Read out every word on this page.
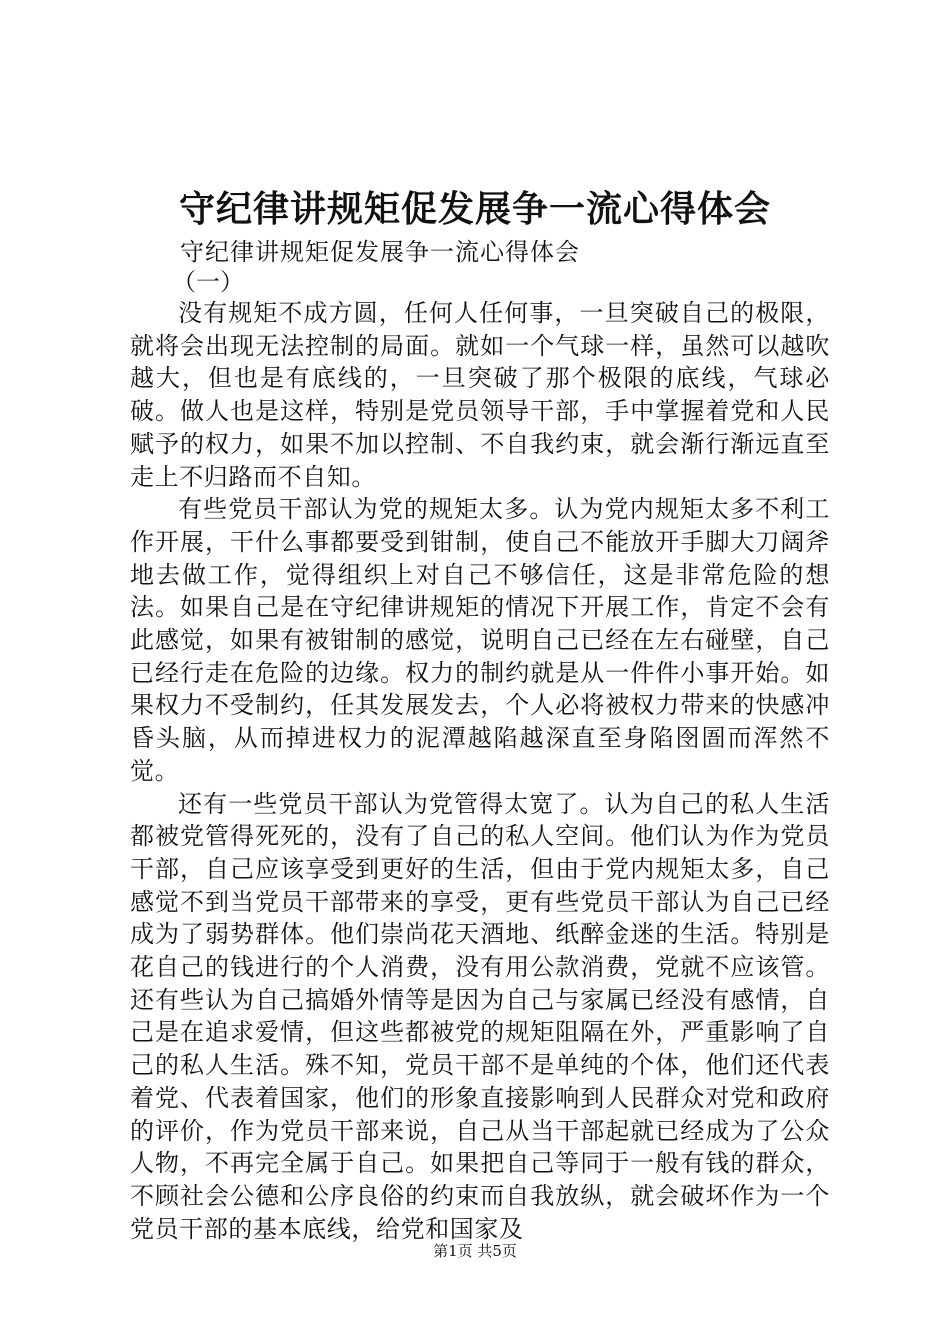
守纪律讲规矩促发展争一流心得体会

守纪律讲规矩促发展争一流心得体会

（一）

没有规矩不成方圆，任何人任何事，一旦突破自己的极限，就将会出现无法控制的局面。就如一个气球一样，虽然可以越吹越大，但也是有底线的，一旦突破了那个极限的底线，气球必破。做人也是这样，特别是党员领导干部，手中掌握着党和人民赋予的权力，如果不加以控制、不自我约束，就会渐行渐远直至走上不归路而不自知。

有些党员干部认为党的规矩太多。认为党内规矩太多不利工作开展，干什么事都要受到钳制，使自己不能放开手脚大刀阔斧地去做工作，觉得组织上对自己不够信任，这是非常危险的想法。如果自己是在守纪律讲规矩的情况下开展工作，肯定不会有此感觉，如果有被钳制的感觉，说明自己已经在左右碰壁，自己已经行走在危险的边缘。权力的制约就是从一件件小事开始。如果权力不受制约，任其发展发去，个人必将被权力带来的快感冲昏头脑，从而掉进权力的泥潭越陷越深直至身陷囹圄而浑然不觉。

还有一些党员干部认为党管得太宽了。认为自己的私人生活都被党管得死死的，没有了自己的私人空间。他们认为作为党员干部，自己应该享受到更好的生活，但由于党内规矩太多，自己感觉不到当党员干部带来的享受，更有些党员干部认为自己已经成为了弱势群体。他们崇尚花天酒地、纸醉金迷的生活。特别是花自己的钱进行的个人消费，没有用公款消费，党就不应该管。还有些认为自己搞婚外情等是因为自己与家属已经没有感情，自己是在追求爱情，但这些都被党的规矩阻隔在外，严重影响了自己的私人生活。殊不知，党员干部不是单纯的个体，他们还代表着党、代表着国家，他们的形象直接影响到人民群众对党和政府的评价，作为党员干部来说，自己从当干部起就已经成为了公众人物，不再完全属于自己。如果把自己等同于一般有钱的群众，不顾社会公德和公序良俗的约束而自我放纵，就会破坏作为一个党员干部的基本底线，给党和国家及

第1页 共5页
